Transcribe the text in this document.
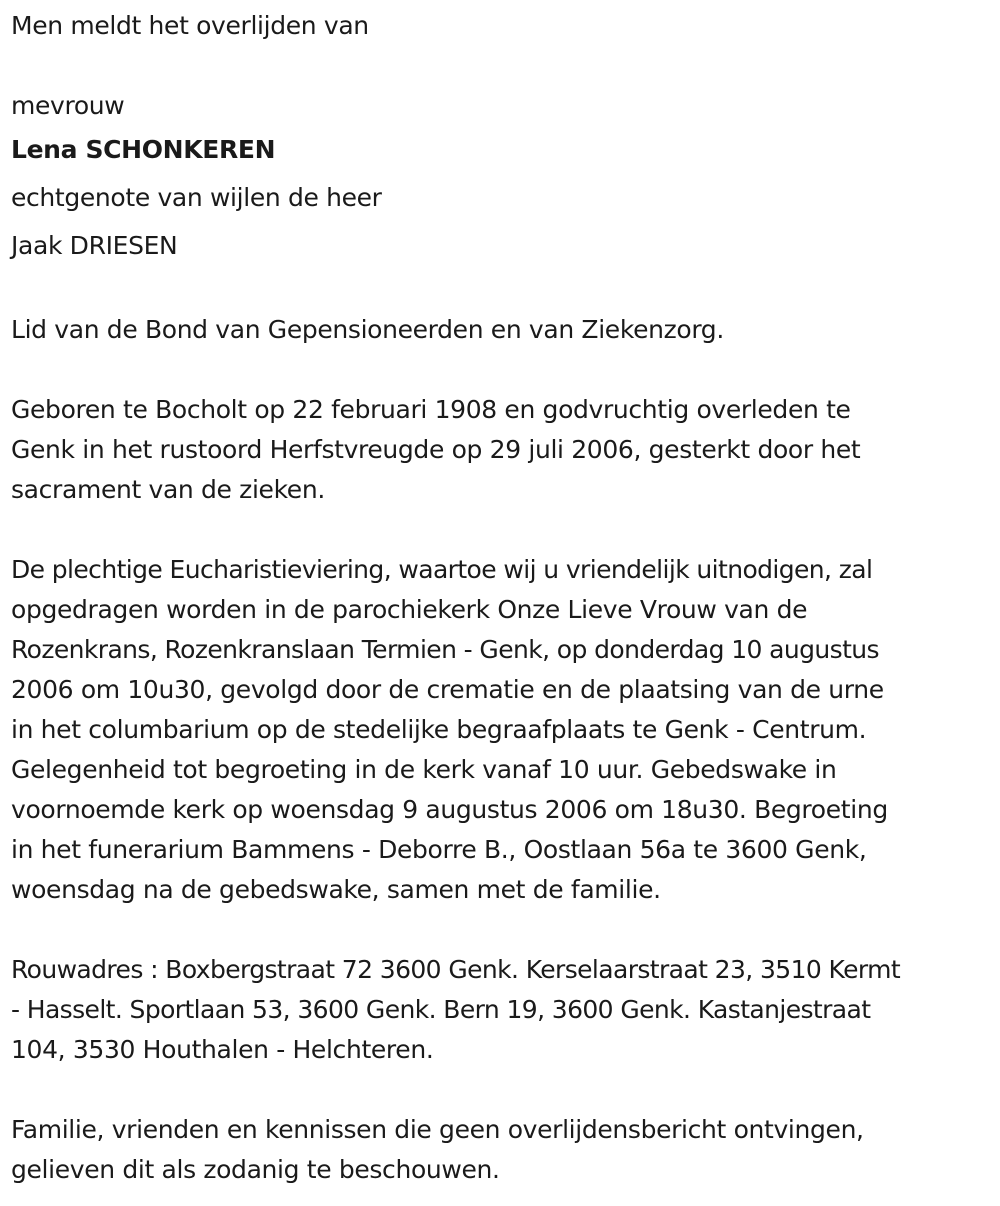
Men meldt het overlijden van

mevrouw

Lena SCHONKEREN

echtgenote van wijlen de heer

Jaak DRIESEN

Lid van de Bond van Gepensioneerden en van Ziekenzorg.

Geboren te Bocholt op 22 februari 1908 en godvruchtig overleden te

Genk in het rustoord Herfstvreugde op 29 juli 2006, gesterkt door het

sacrament van de zieken.

De plechtige Eucharistieviering, waartoe wij u vriendelijk uitnodigen, zal

opgedragen worden in de parochiekerk Onze Lieve Vrouw van de

Rozenkrans, Rozenkranslaan Termien - Genk, op donderdag 10 augustus

2006 om 10u30, gevolgd door de crematie en de plaatsing van de urne

in het columbarium op de stedelijke begraafplaats te Genk - Centrum.

Gelegenheid tot begroeting in de kerk vanaf 10 uur. Gebedswake in

voornoemde kerk op woensdag 9 augustus 2006 om 18u30. Begroeting

in het funerarium Bammens - Deborre B., Oostlaan 56a te 3600 Genk,

woensdag na de gebedswake, samen met de familie.

Rouwadres : Boxbergstraat 72 3600 Genk. Kerselaarstraat 23, 3510 Kermt

- Hasselt. Sportlaan 53, 3600 Genk. Bern 19, 3600 Genk. Kastanjestraat

104, 3530 Houthalen - Helchteren.

Familie, vrienden en kennissen die geen overlijdensbericht ontvingen,

gelieven dit als zodanig te beschouwen.
